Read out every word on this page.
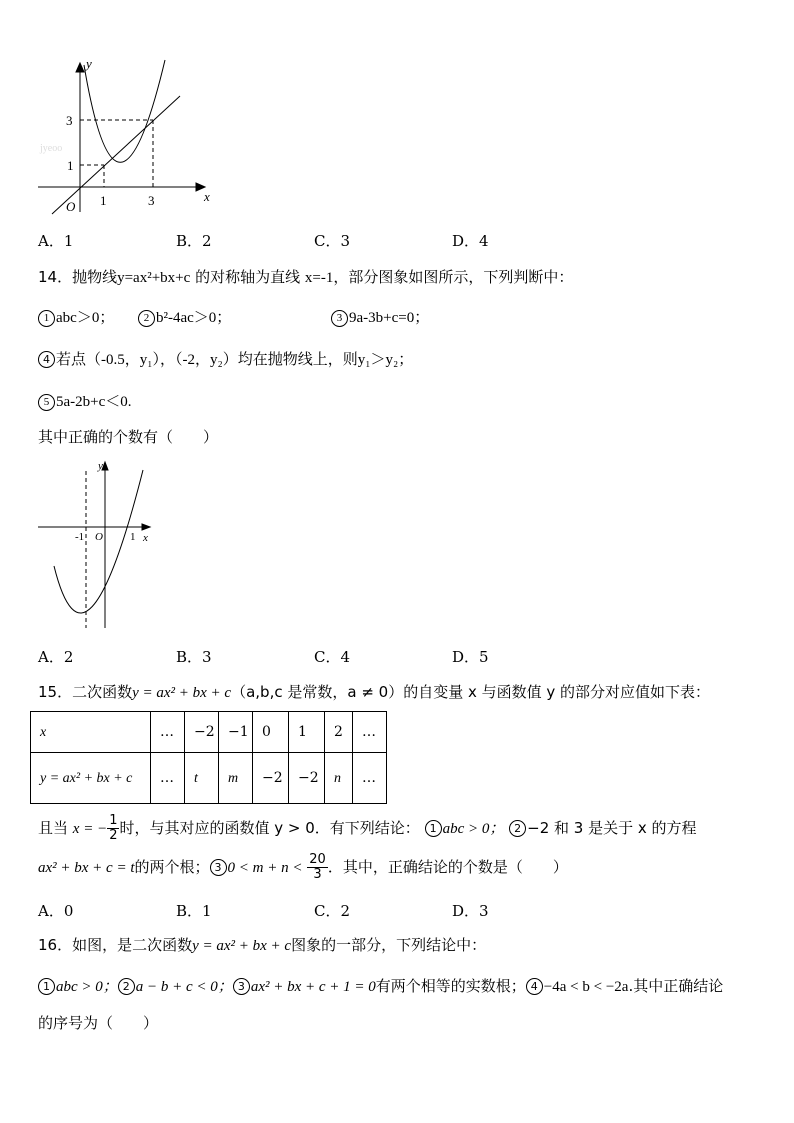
jyeoo
y
x
O 1	3
1
3
y
x
O
-1	1
A．1	B．2	C．3	D．4
14．抛物线y=ax²+bx+c 的对称轴为直线 x=-1，部分图象如图所示，下列判断中：
1 abc＞0；	2 b²-4ac＞0；	3 9a-3b+c=0；
4 若点（-0.5，y₁），（-2，y₂）均在抛物线上，则y₁＞y₂；
5 5a-2b+c＜0.
其中正确的个数有（　　）
A．2	B．3	C．4	D．5
15．二次函数y = ax² + bx + c（a,b,c 是常数，a ≠ 0）的自变量 x 与函数值 y 的部分对应值如下表：
x	…	−2	−1	0	1	2	…
y = ax² + bx + c	…	t	m	−2	−2	n	…
且当 x = − $\frac{1}{2}$ 时，与其对应的函数值 y > 0．有下列结论： 1 abc > 0； 2 −2 和 3 是关于 x 的方程
ax² + bx + c = t的两个根； 3 $0 < m + n < \frac{20}{3}$ ．其中，正确结论的个数是（　　）
A．0	B．1	C．2	D．3
16．如图，是二次函数y = ax² + bx + c图象的一部分，下列结论中：
1 abc > 0； 2 a − b + c < 0； 3 ax² + bx + c + 1 = 0有两个相等的实数根； 4 −4a < b < −2a.其中正确结论
的序号为（　　）
